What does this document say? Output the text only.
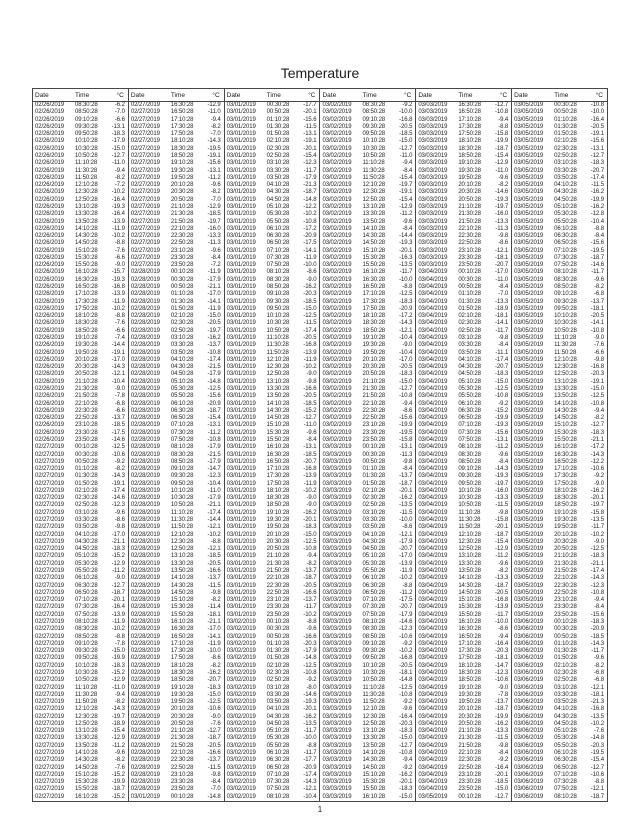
Temperature
Date	Time	°C
02/26/2019	08:30:28	-6.2
02/26/2019	08:50:28	-7.0
02/26/2019	09:10:28	-6.6
02/26/2019	09:30:28	-13.1
02/26/2019	09:50:28	-18.3
02/26/2019	10:10:28	-17.9
02/26/2019	10:30:28	-15.0
02/26/2019	10:50:28	-12.7
02/26/2019	11:10:28	-11.0
02/26/2019	11:30:28	-9.4
02/26/2019	11:50:28	-8.2
02/26/2019	12:10:28	-7.2
02/26/2019	12:30:28	-10.2
02/26/2019	12:50:28	-16.4
02/26/2019	13:10:28	-19.3
02/26/2019	13:30:28	-16.4
02/26/2019	13:50:28	-13.9
02/26/2019	14:10:28	-11.9
02/26/2019	14:30:28	-10.2
02/26/2019	14:50:28	-8.8
02/26/2019	15:10:28	-7.6
02/26/2019	15:30:28	-6.6
02/26/2019	15:50:28	-9.0
02/26/2019	16:10:28	-15.7
02/26/2019	16:30:28	-19.3
02/26/2019	16:50:28	-16.8
02/26/2019	17:10:28	-13.9
02/26/2019	17:30:28	-11.9
02/26/2019	17:50:28	-10.2
02/26/2019	18:10:28	-8.8
02/26/2019	18:30:28	-7.6
02/26/2019	18:50:28	-6.6
02/26/2019	19:10:28	-7.4
02/26/2019	19:30:28	-14.4
02/26/2019	19:50:28	-19.1
02/26/2019	20:10:28	-17.0
02/26/2019	20:30:28	-14.3
02/26/2019	20:50:28	-12.1
02/26/2019	21:10:28	-10.4
02/26/2019	21:30:28	-9.0
02/26/2019	21:50:28	-7.8
02/26/2019	22:10:28	-6.8
02/26/2019	22:30:28	-6.6
02/26/2019	22:50:28	-13.7
02/26/2019	23:10:28	-18.5
02/26/2019	23:30:28	-17.5
02/26/2019	23:50:28	-14.6
02/27/2019	00:10:28	-12.5
02/27/2019	00:30:28	-10.6
02/27/2019	00:50:28	-9.2
02/27/2019	01:10:28	-8.2
02/27/2019	01:30:28	-14.3
02/27/2019	01:50:28	-19.1
02/27/2019	02:10:28	-17.4
02/27/2019	02:30:28	-14.6
02/27/2019	02:50:28	-12.3
02/27/2019	03:10:28	-9.6
02/27/2019	03:30:28	-8.6
02/27/2019	03:50:28	-9.8
02/27/2019	04:10:28	-17.0
02/27/2019	04:30:28	-21.1
02/27/2019	04:50:28	-18.3
02/27/2019	05:10:28	-15.2
02/27/2019	05:30:28	-12.9
02/27/2019	05:50:28	-11.2
02/27/2019	06:10:28	-9.0
02/27/2019	06:30:28	-12.7
02/27/2019	06:50:28	-18.7
02/27/2019	07:10:28	-20.1
02/27/2019	07:30:28	-16.4
02/27/2019	07:50:28	-13.9
02/27/2019	08:10:28	-11.9
02/27/2019	08:30:28	-10.2
02/27/2019	08:50:28	-8.8
02/27/2019	09:10:28	-7.8
02/27/2019	09:30:28	-15.0
02/27/2019	09:50:28	-19.9
02/27/2019	10:10:28	-18.3
02/27/2019	10:30:28	-15.2
02/27/2019	10:50:28	-12.9
02/27/2019	11:10:28	-11.0
02/27/2019	11:30:28	-9.4
02/27/2019	11:50:28	-8.2
02/27/2019	12:10:28	-14.3
02/27/2019	12:30:28	-19.7
02/27/2019	12:50:28	-18.9
02/27/2019	13:10:28	-15.4
02/27/2019	13:30:28	-12.9
02/27/2019	13:50:28	-11.2
02/27/2019	14:10:28	-9.6
02/27/2019	14:30:28	-8.2
02/27/2019	14:50:28	-7.6
02/27/2019	15:10:28	-15.2
02/27/2019	15:30:28	-19.9
02/27/2019	15:50:28	-18.7
02/27/2019	16:10:28	-15.2
Date	Time	°C
02/27/2019	16:30:28	-12.9
02/27/2019	16:50:28	-11.0
02/27/2019	17:10:28	-9.4
02/27/2019	17:30:28	-8.2
02/27/2019	17:50:28	-7.0
02/27/2019	18:10:28	-14.3
02/27/2019	18:30:28	-19.5
02/27/2019	18:50:28	-19.1
02/27/2019	19:10:28	-15.6
02/27/2019	19:30:28	-13.1
02/27/2019	19:50:28	-11.2
02/27/2019	20:10:28	-9.6
02/27/2019	20:30:28	-8.2
02/27/2019	20:50:28	-7.0
02/27/2019	21:10:28	-12.9
02/27/2019	21:30:28	-18.5
02/27/2019	21:50:28	-19.7
02/27/2019	22:10:28	-16.0
02/27/2019	22:30:28	-13.3
02/27/2019	22:50:28	-11.3
02/27/2019	23:10:28	-9.6
02/27/2019	23:30:28	-8.4
02/27/2019	23:50:28	-7.2
02/28/2019	00:10:28	-11.9
02/28/2019	00:30:28	-17.9
02/28/2019	00:50:28	-21.1
02/28/2019	01:10:28	-17.0
02/28/2019	01:30:28	-14.1
02/28/2019	01:50:28	-11.9
02/28/2019	02:10:28	-15.0
02/28/2019	02:30:28	-20.5
02/28/2019	02:50:28	-19.7
02/28/2019	03:10:28	-16.2
02/28/2019	03:30:28	-13.7
02/28/2019	03:50:28	-10.8
02/28/2019	04:10:28	-17.4
02/28/2019	04:30:28	-21.5
02/28/2019	04:50:28	-17.9
02/28/2019	05:10:28	-14.8
02/28/2019	05:30:28	-12.5
02/28/2019	05:50:28	-15.6
02/28/2019	06:10:28	-20.9
02/28/2019	06:30:28	-18.7
02/28/2019	06:50:28	-15.4
02/28/2019	07:10:28	-13.1
02/28/2019	07:30:28	-11.2
02/28/2019	07:50:28	-10.8
02/28/2019	08:10:28	-17.9
02/28/2019	08:30:28	-21.5
02/28/2019	08:50:28	-17.9
02/28/2019	09:10:28	-14.7
02/28/2019	09:30:28	-12.3
02/28/2019	09:50:28	-10.4
02/28/2019	10:10:28	-11.0
02/28/2019	10:30:28	-17.9
02/28/2019	10:50:28	-21.1
02/28/2019	11:10:28	-17.4
02/28/2019	11:30:28	-14.4
02/28/2019	11:50:28	-12.1
02/28/2019	12:10:28	-10.2
02/28/2019	12:30:28	-8.8
02/28/2019	12:50:28	-12.1
02/28/2019	13:10:28	-18.5
02/28/2019	13:30:28	-20.5
02/28/2019	13:50:28	-16.6
02/28/2019	14:10:28	-13.7
02/28/2019	14:30:28	-11.5
02/28/2019	14:50:28	-9.8
02/28/2019	15:10:28	-8.2
02/28/2019	15:30:28	-11.4
02/28/2019	15:50:28	-18.1
02/28/2019	16:10:28	-21.1
02/28/2019	16:30:28	-17.0
02/28/2019	16:50:28	-14.1
02/28/2019	17:10:28	-11.9
02/28/2019	17:30:28	-10.0
02/28/2019	17:50:28	-8.6
02/28/2019	18:10:28	-8.2
02/28/2019	18:30:28	-16.2
02/28/2019	18:50:28	-20.7
02/28/2019	19:10:28	-18.3
02/28/2019	19:30:28	-15.0
02/28/2019	19:50:28	-12.5
02/28/2019	20:10:28	-10.6
02/28/2019	20:30:28	-9.0
02/28/2019	20:50:28	-7.6
02/28/2019	21:10:28	-12.7
02/28/2019	21:30:28	-18.7
02/28/2019	21:50:28	-20.5
02/28/2019	22:10:28	-16.6
02/28/2019	22:30:28	-13.7
02/28/2019	22:50:28	-11.5
02/28/2019	23:10:28	-9.8
02/28/2019	23:30:28	-8.4
02/28/2019	23:50:28	-7.0
03/01/2019	00:10:28	-14.8
Date	Time	°C
03/01/2019	00:30:28	-17.7
03/01/2019	00:50:28	-20.1
03/01/2019	01:10:28	-15.6
03/01/2019	01:30:28	-11.5
03/01/2019	01:50:28	-13.1
03/01/2019	02:10:28	-19.1
03/01/2019	02:30:28	-20.1
03/01/2019	02:50:28	-15.4
03/01/2019	03:10:28	-12.3
03/01/2019	03:30:28	-11.7
03/01/2019	03:50:28	-17.9
03/01/2019	04:10:28	-21.3
03/01/2019	04:30:28	-18.7
03/01/2019	04:50:28	-14.8
03/01/2019	05:10:28	-12.2
03/01/2019	05:30:28	-10.2
03/01/2019	05:50:28	-10.8
03/01/2019	06:10:28	-17.2
03/01/2019	06:30:28	-20.9
03/01/2019	06:50:28	-17.5
03/01/2019	07:10:28	-14.1
03/01/2019	07:30:28	-11.9
03/01/2019	07:50:28	-10.0
03/01/2019	08:10:28	-8.6
03/01/2019	08:30:28	-9.0
03/01/2019	08:50:28	-16.2
03/01/2019	09:10:28	-20.3
03/01/2019	09:30:28	-18.5
03/01/2019	09:50:28	-15.0
03/01/2019	10:10:28	-12.5
03/01/2019	10:30:28	-11.5
03/01/2019	10:50:28	-17.4
03/01/2019	11:10:28	-20.5
03/01/2019	11:30:28	-16.8
03/01/2019	11:50:28	-13.9
03/01/2019	12:10:28	-11.9
03/01/2019	12:30:28	-10.2
03/01/2019	12:50:28	-9.0
03/01/2019	13:10:28	-9.8
03/01/2019	13:30:28	-16.6
03/01/2019	13:50:28	-20.5
03/01/2019	14:10:28	-18.5
03/01/2019	14:30:28	-15.2
03/01/2019	14:50:28	-12.7
03/01/2019	15:10:28	-11.0
03/01/2019	15:30:28	-9.6
03/01/2019	15:50:28	-8.4
03/01/2019	16:10:28	-13.1
03/01/2019	16:30:28	-18.5
03/01/2019	16:50:28	-20.7
03/01/2019	17:10:28	-16.8
03/01/2019	17:30:28	-13.9
03/01/2019	17:50:28	-11.9
03/01/2019	18:10:28	-10.2
03/01/2019	18:30:28	-9.0
03/01/2019	18:50:28	-9.0
03/01/2019	19:10:28	-16.2
03/01/2019	19:30:28	-20.1
03/01/2019	19:50:28	-18.3
03/01/2019	20:10:28	-15.0
03/01/2019	20:30:28	-12.5
03/01/2019	20:50:28	-10.8
03/01/2019	21:10:28	-9.4
03/01/2019	21:30:28	-8.2
03/01/2019	21:50:28	-13.7
03/01/2019	22:10:28	-18.7
03/01/2019	22:30:28	-20.5
03/01/2019	22:50:28	-16.6
03/01/2019	23:10:28	-13.7
03/01/2019	23:30:28	-11.7
03/01/2019	23:50:28	-10.2
03/02/2019	00:10:28	-8.8
03/02/2019	00:30:28	-9.6
03/02/2019	00:50:28	-16.6
03/02/2019	01:10:28	-20.3
03/02/2019	01:30:28	-17.9
03/02/2019	01:50:28	-14.8
03/02/2019	02:10:28	-12.5
03/02/2019	02:30:28	-10.8
03/02/2019	02:50:28	-9.2
03/02/2019	03:10:28	-8.0
03/02/2019	03:30:28	-14.6
03/02/2019	03:50:28	-19.3
03/02/2019	04:10:28	-20.1
03/02/2019	04:30:28	-16.2
03/02/2019	04:50:28	-13.5
03/02/2019	05:10:28	-11.7
03/02/2019	05:30:28	-10.0
03/02/2019	05:50:28	-8.8
03/02/2019	06:10:28	-11.7
03/02/2019	06:30:28	-17.7
03/02/2019	06:50:28	-20.9
03/02/2019	07:10:28	-17.4
03/02/2019	07:30:28	-14.3
03/02/2019	07:50:28	-12.1
03/02/2019	08:10:28	-10.4
Date	Time	°C
03/02/2019	08:30:28	-9.2
03/02/2019	08:50:28	-10.0
03/02/2019	09:10:28	-16.8
03/02/2019	09:30:28	-20.5
03/02/2019	09:50:28	-18.5
03/02/2019	10:10:28	-15.0
03/02/2019	10:30:28	-12.7
03/02/2019	10:50:28	-11.0
03/02/2019	11:10:28	-9.4
03/02/2019	11:30:28	-8.4
03/02/2019	11:50:28	-15.4
03/02/2019	12:10:28	-19.7
03/02/2019	12:30:28	-19.1
03/02/2019	12:50:28	-15.4
03/02/2019	13:10:28	-12.9
03/02/2019	13:30:28	-11.2
03/02/2019	13:50:28	-9.6
03/02/2019	14:10:28	-8.4
03/02/2019	14:30:28	-14.4
03/02/2019	14:50:28	-19.3
03/02/2019	15:10:28	-20.1
03/02/2019	15:30:28	-16.3
03/02/2019	15:50:28	-13.5
03/02/2019	16:10:28	-11.7
03/02/2019	16:30:28	-10.0
03/02/2019	16:50:28	-8.8
03/02/2019	17:10:28	-12.5
03/02/2019	17:30:28	-18.3
03/02/2019	17:50:28	-20.9
03/02/2019	18:10:28	-17.2
03/02/2019	18:30:28	-14.3
03/02/2019	18:50:28	-12.1
03/02/2019	19:10:28	-10.4
03/02/2019	19:30:28	-9.0
03/02/2019	19:50:28	-10.4
03/02/2019	20:10:28	-17.0
03/02/2019	20:30:28	-20.5
03/02/2019	20:50:28	-18.3
03/02/2019	21:10:28	-15.0
03/02/2019	21:30:28	-12.7
03/02/2019	21:50:28	-10.8
03/02/2019	22:10:28	-9.4
03/02/2019	22:30:28	-8.6
03/02/2019	22:50:28	-15.6
03/02/2019	23:10:28	-19.9
03/02/2019	23:30:28	-19.5
03/02/2019	23:50:28	-15.8
03/03/2019	00:10:28	-13.1
03/03/2019	00:30:28	-11.3
03/03/2019	00:50:28	-9.8
03/03/2019	01:10:28	-8.4
03/03/2019	01:30:28	-13.7
03/03/2019	01:50:28	-18.7
03/03/2019	02:10:28	-20.1
03/03/2019	02:30:28	-16.2
03/03/2019	02:50:28	-13.5
03/03/2019	03:10:28	-11.5
03/03/2019	03:30:28	-10.0
03/03/2019	03:50:28	-8.6
03/03/2019	04:10:28	-12.1
03/03/2019	04:30:28	-17.9
03/03/2019	04:50:28	-20.7
03/03/2019	05:10:28	-17.0
03/03/2019	05:30:28	-13.9
03/03/2019	05:50:28	-11.9
03/03/2019	06:10:28	-10.2
03/03/2019	06:30:28	-8.8
03/03/2019	06:50:28	-11.2
03/03/2019	07:10:28	-17.5
03/03/2019	07:30:28	-20.7
03/03/2019	07:50:28	-17.9
03/03/2019	08:10:28	-14.6
03/03/2019	08:30:28	-12.3
03/03/2019	08:50:28	-10.6
03/03/2019	09:10:28	-9.2
03/03/2019	09:30:28	-10.2
03/03/2019	09:50:28	-16.8
03/03/2019	10:10:28	-20.5
03/03/2019	10:30:28	-18.1
03/03/2019	10:50:28	-14.8
03/03/2019	11:10:28	-12.5
03/03/2019	11:30:28	-10.8
03/03/2019	11:50:28	-9.2
03/03/2019	12:10:28	-9.6
03/03/2019	12:30:28	-16.4
03/03/2019	12:50:28	-20.3
03/03/2019	13:10:28	-18.3
03/03/2019	13:30:28	-15.0
03/03/2019	13:50:28	-12.7
03/03/2019	14:10:28	-10.8
03/03/2019	14:30:28	-9.4
03/03/2019	14:50:28	-9.2
03/03/2019	15:10:28	-16.2
03/03/2019	15:30:28	-20.1
03/03/2019	15:50:28	-18.3
03/03/2019	16:10:28	-15.0
Date	Time	°C
03/03/2019	16:30:28	-12.7
03/03/2019	16:50:28	-10.8
03/03/2019	17:10:28	-9.4
03/03/2019	17:30:28	-8.8
03/03/2019	17:50:28	-15.8
03/03/2019	18:10:28	-19.9
03/03/2019	18:30:28	-18.7
03/03/2019	18:50:28	-15.4
03/03/2019	19:10:28	-12.9
03/03/2019	19:30:28	-11.0
03/03/2019	19:50:28	-9.6
03/03/2019	20:10:28	-8.2
03/03/2019	20:30:28	-14.6
03/03/2019	20:50:28	-19.3
03/03/2019	21:10:28	-19.7
03/03/2019	21:30:28	-16.0
03/03/2019	21:50:28	-13.3
03/03/2019	22:10:28	-11.3
03/03/2019	22:30:28	-9.8
03/03/2019	22:50:28	-8.6
03/03/2019	23:10:28	-12.1
03/03/2019	23:30:28	-18.1
03/03/2019	23:50:28	-20.7
03/04/2019	00:10:28	-17.0
03/04/2019	00:30:28	-11.0
03/04/2019	00:50:28	-8.4
03/04/2019	01:10:28	-7.0
03/04/2019	01:30:28	-13.3
03/04/2019	01:50:28	-18.9
03/04/2019	02:10:28	-18.1
03/04/2019	02:30:28	-14.1
03/04/2019	02:50:28	-11.7
03/04/2019	03:10:28	-9.8
03/04/2019	03:30:28	-8.4
03/04/2019	03:50:28	-11.1
03/04/2019	04:10:28	-17.4
03/04/2019	04:30:28	-20.7
03/04/2019	04:50:28	-18.3
03/04/2019	05:10:28	-15.0
03/04/2019	05:30:28	-12.5
03/04/2019	05:50:28	-10.8
03/04/2019	06:10:28	-9.2
03/04/2019	06:30:28	-15.2
03/04/2019	06:50:28	-19.9
03/04/2019	07:10:28	-19.3
03/04/2019	07:30:28	-15.6
03/04/2019	07:50:28	-13.1
03/04/2019	08:10:28	-11.2
03/04/2019	08:30:28	-9.6
03/04/2019	08:50:28	-8.4
03/04/2019	09:10:28	-14.3
03/04/2019	09:30:28	-19.3
03/04/2019	09:50:28	-19.7
03/04/2019	10:10:28	-16.0
03/04/2019	10:30:28	-13.3
03/04/2019	10:50:28	-11.5
03/04/2019	11:10:28	-9.8
03/04/2019	11:30:28	-15.8
03/04/2019	11:50:28	-20.1
03/04/2019	12:10:28	-18.7
03/04/2019	12:30:28	-15.4
03/04/2019	12:50:28	-12.9
03/04/2019	13:10:28	-11.2
03/04/2019	13:30:28	-9.6
03/04/2019	13:50:28	-8.2
03/04/2019	14:10:28	-13.3
03/04/2019	14:30:28	-18.7
03/04/2019	14:50:28	-20.5
03/04/2019	15:10:28	-16.8
03/04/2019	15:30:28	-13.9
03/04/2019	15:50:28	-11.7
03/04/2019	16:10:28	-10.0
03/04/2019	16:30:28	-8.6
03/04/2019	16:50:28	-9.4
03/04/2019	17:10:28	-16.4
03/04/2019	17:30:28	-20.3
03/04/2019	17:50:28	-18.1
03/04/2019	18:10:28	-14.7
03/04/2019	18:30:28	-12.3
03/04/2019	18:50:28	-10.6
03/04/2019	19:10:28	-9.0
03/04/2019	19:30:28	-7.8
03/04/2019	19:50:28	-13.7
03/04/2019	20:10:28	-18.7
03/04/2019	20:30:28	-19.9
03/04/2019	20:50:28	-16.2
03/04/2019	21:10:28	-13.3
03/04/2019	21:30:28	-11.5
03/04/2019	21:50:28	-9.8
03/04/2019	22:10:28	-8.4
03/04/2019	22:30:28	-9.2
03/04/2019	22:50:28	-16.4
03/04/2019	23:10:28	-20.1
03/04/2019	23:30:28	-18.5
03/04/2019	23:50:28	-15.0
03/05/2019	00:10:28	-12.7
Date	Time	°C
03/05/2019	00:30:28	-10.8
03/05/2019	00:50:28	-10.0
03/05/2019	01:10:28	-16.4
03/05/2019	01:30:28	-20.5
03/05/2019	01:50:28	-19.1
03/05/2019	02:10:28	-15.6
03/05/2019	02:30:28	-13.1
03/05/2019	02:50:28	-12.7
03/05/2019	03:10:28	-18.3
03/05/2019	03:30:28	-20.7
03/05/2019	03:50:28	-17.4
03/05/2019	04:10:28	-11.5
03/05/2019	04:30:28	-16.2
03/05/2019	04:50:28	-19.9
03/05/2019	05:10:28	-16.2
03/05/2019	05:30:28	-12.8
03/05/2019	05:50:28	-10.4
03/05/2019	06:10:28	-8.8
03/05/2019	06:30:28	-8.4
03/05/2019	06:50:28	-15.6
03/05/2019	07:10:28	-19.5
03/05/2019	07:30:28	-18.7
03/05/2019	07:50:28	-14.6
03/05/2019	08:10:28	-11.7
03/05/2019	08:30:28	-9.6
03/05/2019	08:50:28	-8.2
03/05/2019	09:10:28	-6.8
03/05/2019	09:30:28	-13.7
03/05/2019	09:50:28	-18.1
03/05/2019	10:10:28	-20.5
03/05/2019	10:30:28	-14.1
03/05/2019	10:50:28	-10.8
03/05/2019	11:10:28	-9.0
03/05/2019	11:30:28	-7.6
03/05/2019	11:50:28	-6.6
03/05/2019	12:10:28	-9.8
03/05/2019	12:30:28	-16.8
03/05/2019	12:50:28	-20.3
03/05/2019	13:10:28	-19.1
03/05/2019	13:30:28	-15.0
03/05/2019	13:50:28	-12.5
03/05/2019	14:10:28	-10.8
03/05/2019	14:30:28	-9.4
03/05/2019	14:50:28	-8.2
03/05/2019	15:10:28	-12.7
03/05/2019	15:30:28	-18.3
03/05/2019	15:50:28	-21.1
03/05/2019	16:10:28	-17.2
03/05/2019	16:30:28	-14.3
03/05/2019	16:50:28	-12.2
03/05/2019	17:10:28	-10.6
03/05/2019	17:30:28	-9.2
03/05/2019	17:50:28	-9.0
03/05/2019	18:10:28	-16.2
03/05/2019	18:30:28	-20.1
03/05/2019	18:50:28	-19.7
03/05/2019	19:10:28	-15.8
03/05/2019	19:30:28	-13.5
03/05/2019	19:50:28	-11.7
03/05/2019	20:10:28	-10.2
03/05/2019	20:30:28	-9.0
03/05/2019	20:50:28	-12.5
03/05/2019	21:10:28	-18.3
03/05/2019	21:30:28	-21.1
03/05/2019	21:50:28	-17.4
03/05/2019	22:10:28	-14.3
03/05/2019	22:30:28	-12.3
03/05/2019	22:50:28	-10.8
03/05/2019	23:10:28	-9.4
03/05/2019	23:30:28	-8.4
03/05/2019	23:50:28	-15.6
03/06/2019	00:10:28	-18.3
03/06/2019	00:30:28	-20.9
03/06/2019	00:50:28	-18.5
03/06/2019	01:10:28	-14.3
03/06/2019	01:30:28	-11.7
03/06/2019	01:50:28	-9.6
03/06/2019	02:10:28	-8.2
03/06/2019	02:30:28	-6.8
03/06/2019	02:50:28	-6.8
03/06/2019	03:10:28	-12.1
03/06/2019	03:30:28	-18.1
03/06/2019	03:50:28	-21.3
03/06/2019	04:10:28	-16.8
03/06/2019	04:30:28	-13.5
03/06/2019	04:50:28	-10.2
03/06/2019	05:10:28	-7.6
03/06/2019	05:30:28	-14.8
03/06/2019	05:50:28	-20.3
03/06/2019	06:10:28	-19.5
03/06/2019	06:30:28	-15.4
03/06/2019	06:50:28	-12.7
03/06/2019	07:10:28	-10.6
03/06/2019	07:30:28	-8.8
03/06/2019	07:50:28	-12.1
03/06/2019	08:10:28	-18.7
1
